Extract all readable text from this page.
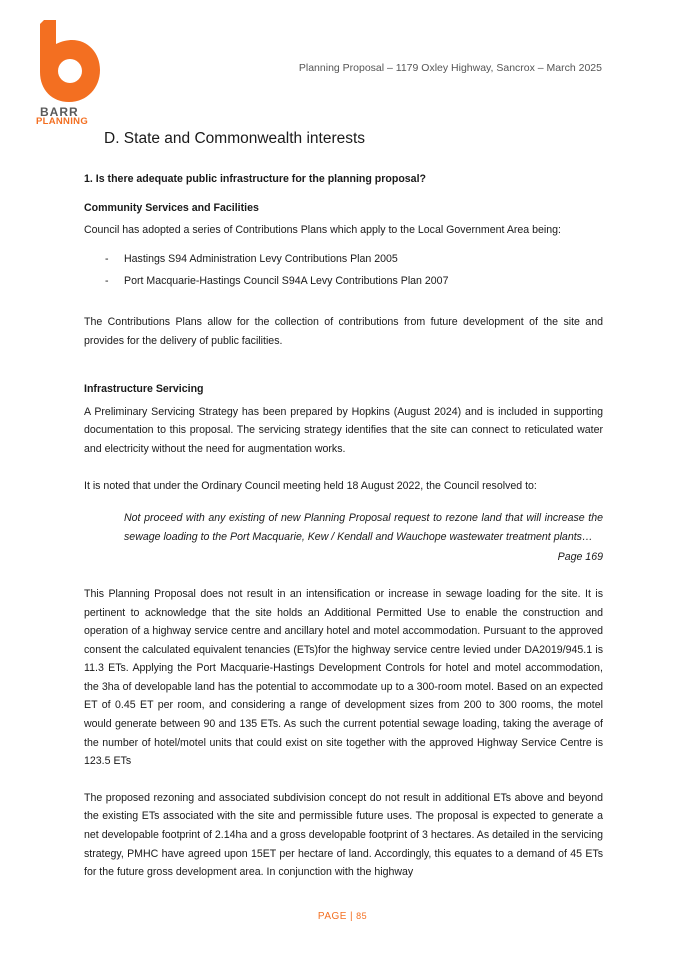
BARR
PLANNING
Planning Proposal – 1179 Oxley Highway, Sancrox – March 2025
D. State and Commonwealth interests

1. Is there adequate public infrastructure for the planning proposal?

Community Services and Facilities

Council has adopted a series of Contributions Plans which apply to the Local Government Area being:

- Hastings S94 Administration Levy Contributions Plan 2005
- Port Macquarie-Hastings Council S94A Levy Contributions Plan 2007

The Contributions Plans allow for the collection of contributions from future development of the site and provides for the delivery of public facilities.

Infrastructure Servicing

A Preliminary Servicing Strategy has been prepared by Hopkins (August 2024) and is included in supporting documentation to this proposal. The servicing strategy identifies that the site can connect to reticulated water and electricity without the need for augmentation works.

It is noted that under the Ordinary Council meeting held 18 August 2022, the Council resolved to:

Not proceed with any existing of new Planning Proposal request to rezone land that will increase the sewage loading to the Port Macquarie, Kew / Kendall and Wauchope wastewater treatment plants…

Page 169

This Planning Proposal does not result in an intensification or increase in sewage loading for the site. It is pertinent to acknowledge that the site holds an Additional Permitted Use to enable the construction and operation of a highway service centre and ancillary hotel and motel accommodation. Pursuant to the approved consent the calculated equivalent tenancies (ETs)for the highway service centre levied under DA2019/945.1 is 11.3 ETs. Applying the Port Macquarie-Hastings Development Controls for hotel and motel accommodation, the 3ha of developable land has the potential to accommodate up to a 300-room motel. Based on an expected ET of 0.45 ET per room, and considering a range of development sizes from 200 to 300 rooms, the motel would generate between 90 and 135 ETs. As such the current potential sewage loading, taking the average of the number of hotel/motel units that could exist on site together with the approved Highway Service Centre is 123.5 ETs

The proposed rezoning and associated subdivision concept do not result in additional ETs above and beyond the existing ETs associated with the site and permissible future uses. The proposal is expected to generate a net developable footprint of 2.14ha and a gross developable footprint of 3 hectares. As detailed in the servicing strategy, PMHC have agreed upon 15ET per hectare of land. Accordingly, this equates to a demand of 45 ETs for the future gross development area. In conjunction with the highway

PAGE | 85
